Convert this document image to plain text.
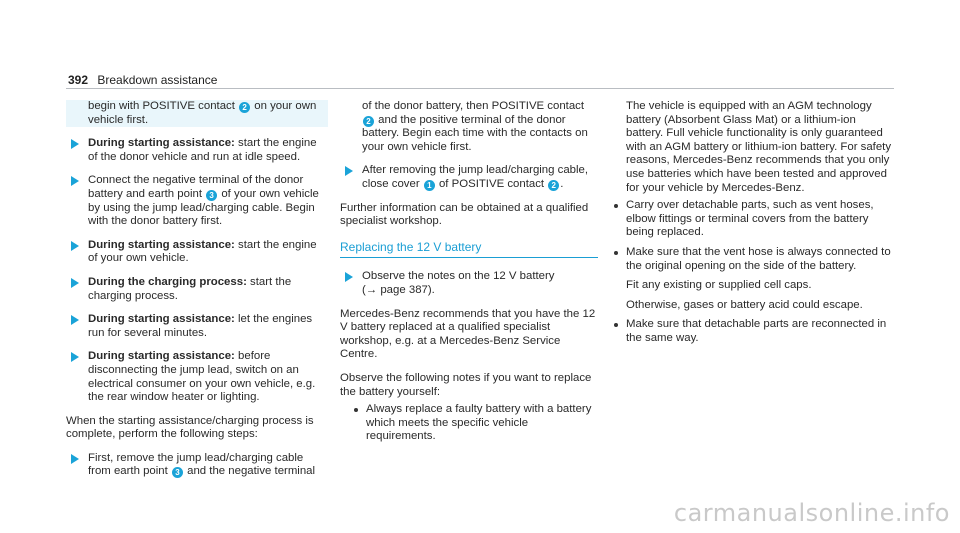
392 Breakdown assistance
begin with POSITIVE contact 2 on your own vehicle first.
During starting assistance: start the engine of the donor vehicle and run at idle speed.
Connect the negative terminal of the donor battery and earth point 3 of your own vehicle by using the jump lead/charging cable. Begin with the donor battery first.
During starting assistance: start the engine of your own vehicle.
During the charging process: start the charging process.
During starting assistance: let the engines run for several minutes.
During starting assistance: before disconnecting the jump lead, switch on an electrical consumer on your own vehicle, e.g. the rear window heater or lighting.
When the starting assistance/charging process is complete, perform the following steps:
First, remove the jump lead/charging cable from earth point 3 and the negative terminal
of the donor battery, then POSITIVE contact 2 and the positive terminal of the donor battery. Begin each time with the contacts on your own vehicle first.
After removing the jump lead/charging cable, close cover 1 of POSITIVE contact 2 .
Further information can be obtained at a qualified specialist workshop.
Replacing the 12 V battery
Observe the notes on the 12 V battery
(→ page 387).
Mercedes-Benz recommends that you have the 12 V battery replaced at a qualified specialist workshop, e.g. at a Mercedes-Benz Service Centre.
Observe the following notes if you want to replace the battery yourself:
Always replace a faulty battery with a battery which meets the specific vehicle requirements.
The vehicle is equipped with an AGM technology battery (Absorbent Glass Mat) or a lithium-ion battery. Full vehicle functionality is only guaranteed with an AGM battery or lithium-ion battery. For safety reasons, Mercedes-Benz recommends that you only use batteries which have been tested and approved for your vehicle by Mercedes-Benz.
Carry over detachable parts, such as vent hoses, elbow fittings or terminal covers from the battery being replaced.
Make sure that the vent hose is always connected to the original opening on the side of the battery.
Fit any existing or supplied cell caps.
Otherwise, gases or battery acid could escape.
Make sure that detachable parts are reconnected in the same way.
carmanualsonline.info
